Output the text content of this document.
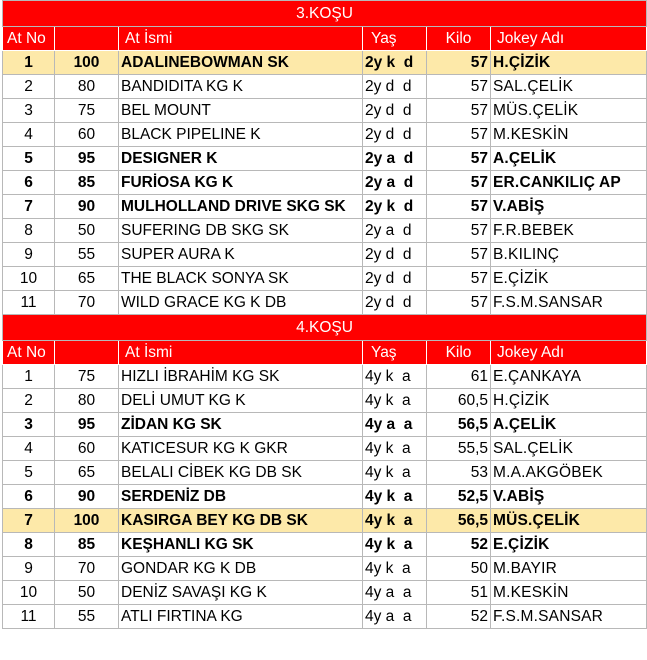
3.KOŞU					
At No		At İsmi	Yaş	Kilo	Jokey Adı
1	100	ADALINEBOWMAN SK	2y k  d	57	H.ÇİZİK
2	80	BANDIDITA KG K	2y d  d	57	SAL.ÇELİK
3	75	BEL MOUNT	2y d  d	57	MÜS.ÇELİK
4	60	BLACK PIPELINE K	2y d  d	57	M.KESKİN
5	95	DESIGNER K	2y a  d	57	A.ÇELİK
6	85	FURİOSA KG K	2y a  d	57	ER.CANKILIÇ AP
7	90	MULHOLLAND DRIVE SKG SK	2y k  d	57	V.ABİŞ
8	50	SUFERING DB SKG SK	2y a  d	57	F.R.BEBEK
9	55	SUPER AURA K	2y d  d	57	B.KILINÇ
10	65	THE BLACK SONYA SK	2y d  d	57	E.ÇİZİK
11	70	WILD GRACE KG K DB	2y d  d	57	F.S.M.SANSAR
4.KOŞU					
At No		At İsmi	Yaş	Kilo	Jokey Adı
1	75	HIZLI İBRAHİM KG SK	4y k  a	61	E.ÇANKAYA
2	80	DELİ UMUT KG K	4y k  a	60,5	H.ÇİZİK
3	95	ZİDAN KG SK	4y a  a	56,5	A.ÇELİK
4	60	KATICESUR KG K GKR	4y k  a	55,5	SAL.ÇELİK
5	65	BELALI CİBEK KG DB SK	4y k  a	53	M.A.AKGÖBEK
6	90	SERDENİZ DB	4y k  a	52,5	V.ABİŞ
7	100	KASIRGA BEY KG DB SK	4y k  a	56,5	MÜS.ÇELİK
8	85	KEŞHANLI KG SK	4y k  a	52	E.ÇİZİK
9	70	GONDAR KG K DB	4y k  a	50	M.BAYIR
10	50	DENİZ SAVAŞI KG K	4y a  a	51	M.KESKİN
11	55	ATLI FIRTINA KG	4y a  a	52	F.S.M.SANSAR
